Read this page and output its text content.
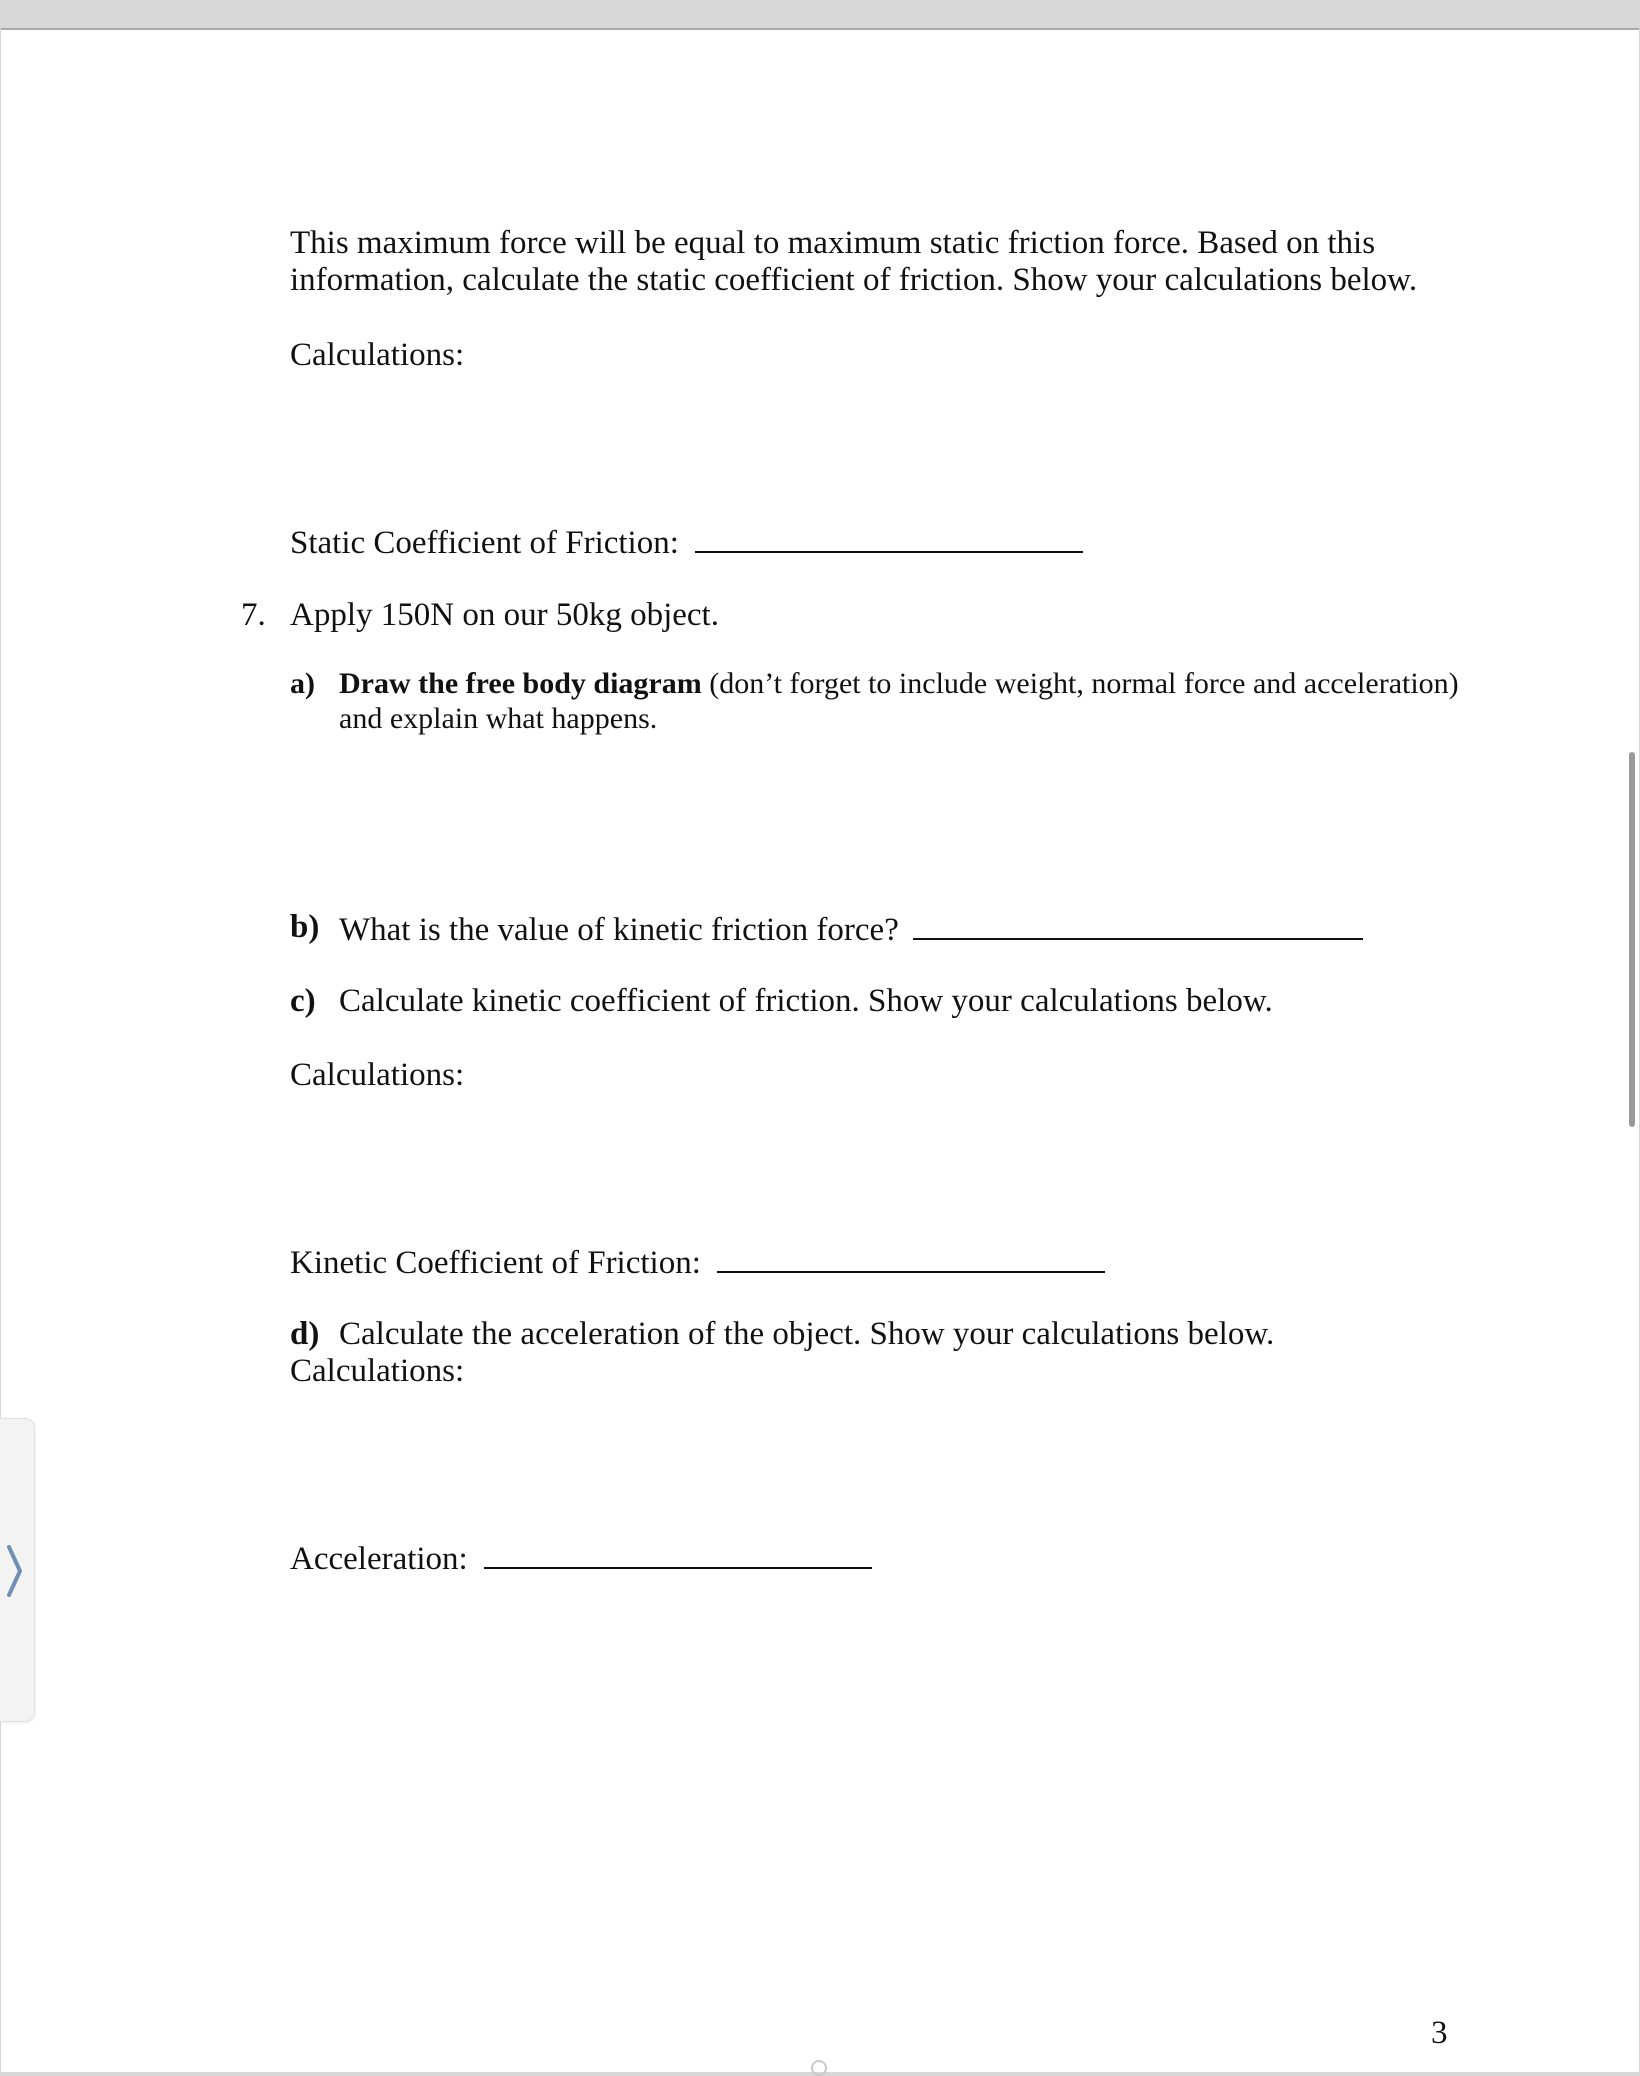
This maximum force will be equal to maximum static friction force. Based on this
information, calculate the static coefficient of friction. Show your calculations below.
Calculations:
Static Coefficient of Friction:
7. Apply 150N on our 50kg object.
a) Draw the free body diagram (don’t forget to include weight, normal force and acceleration)
and explain what happens.
b) What is the value of kinetic friction force?
c) Calculate kinetic coefficient of friction. Show your calculations below.
Calculations:
Kinetic Coefficient of Friction:
d) Calculate the acceleration of the object. Show your calculations below.
Calculations:
Acceleration:
3
